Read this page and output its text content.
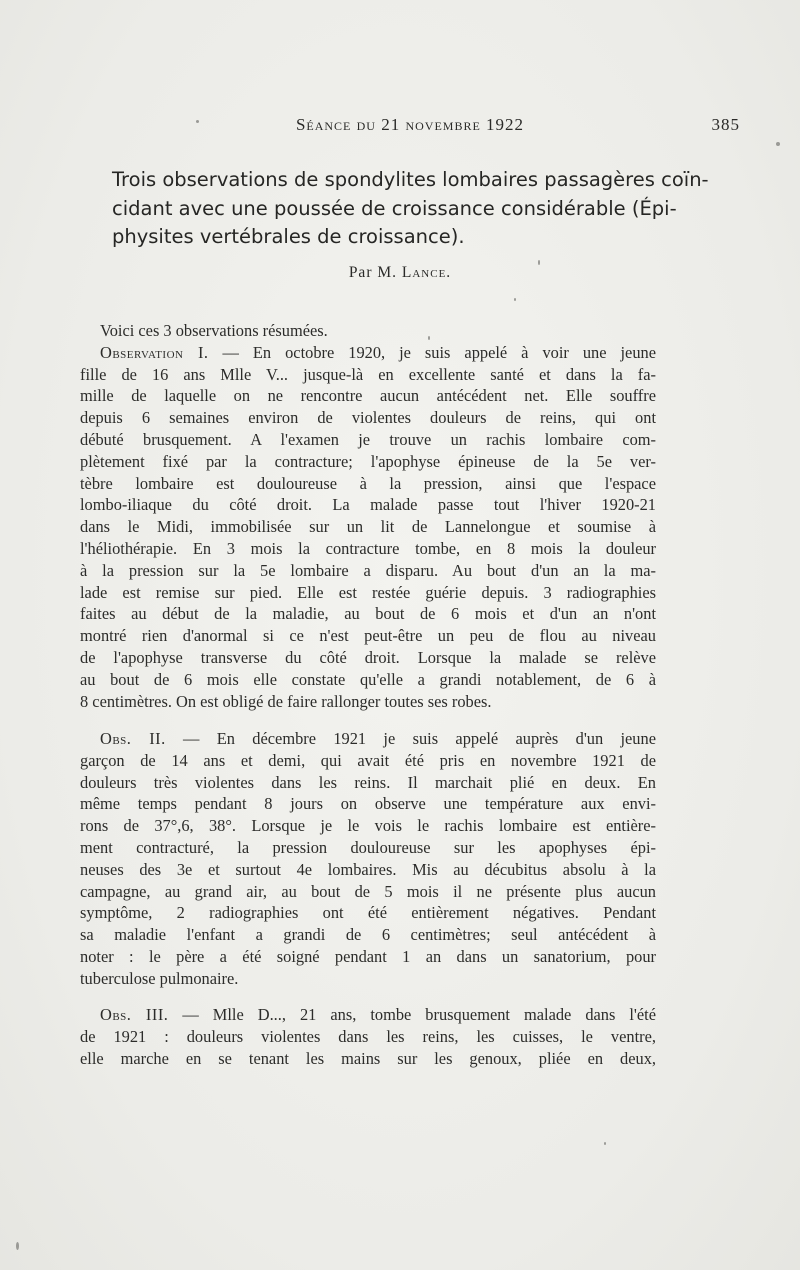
Séance du 21 novembre 1922	385
Trois observations de spondylites lombaires passagères coïn-
cidant avec une poussée de croissance considérable (Épi-
physites vertébrales de croissance).
Par M. Lance.
Voici ces 3 observations résumées.
Observation I. — En octobre 1920, je suis appelé à voir une jeune
fille de 16 ans Mlle V... jusque-là en excellente santé et dans la fa-
mille de laquelle on ne rencontre aucun antécédent net. Elle souffre
depuis 6 semaines environ de violentes douleurs de reins, qui ont
débuté brusquement. A l'examen je trouve un rachis lombaire com-
plètement fixé par la contracture; l'apophyse épineuse de la 5e ver-
tèbre lombaire est douloureuse à la pression, ainsi que l'espace
lombo-iliaque du côté droit. La malade passe tout l'hiver 1920-21
dans le Midi, immobilisée sur un lit de Lannelongue et soumise à
l'héliothérapie. En 3 mois la contracture tombe, en 8 mois la douleur
à la pression sur la 5e lombaire a disparu. Au bout d'un an la ma-
lade est remise sur pied. Elle est restée guérie depuis. 3 radiographies
faites au début de la maladie, au bout de 6 mois et d'un an n'ont
montré rien d'anormal si ce n'est peut-être un peu de flou au niveau
de l'apophyse transverse du côté droit. Lorsque la malade se relève
au bout de 6 mois elle constate qu'elle a grandi notablement, de 6 à
8 centimètres. On est obligé de faire rallonger toutes ses robes.
Obs. II. — En décembre 1921 je suis appelé auprès d'un jeune
garçon de 14 ans et demi, qui avait été pris en novembre 1921 de
douleurs très violentes dans les reins. Il marchait plié en deux. En
même temps pendant 8 jours on observe une température aux envi-
rons de 37°,6, 38°. Lorsque je le vois le rachis lombaire est entière-
ment contracturé, la pression douloureuse sur les apophyses épi-
neuses des 3e et surtout 4e lombaires. Mis au décubitus absolu à la
campagne, au grand air, au bout de 5 mois il ne présente plus aucun
symptôme, 2 radiographies ont été entièrement négatives. Pendant
sa maladie l'enfant a grandi de 6 centimètres; seul antécédent à
noter : le père a été soigné pendant 1 an dans un sanatorium, pour
tuberculose pulmonaire.
Obs. III. — Mlle D..., 21 ans, tombe brusquement malade dans l'été
de 1921 : douleurs violentes dans les reins, les cuisses, le ventre,
elle marche en se tenant les mains sur les genoux, pliée en deux,
